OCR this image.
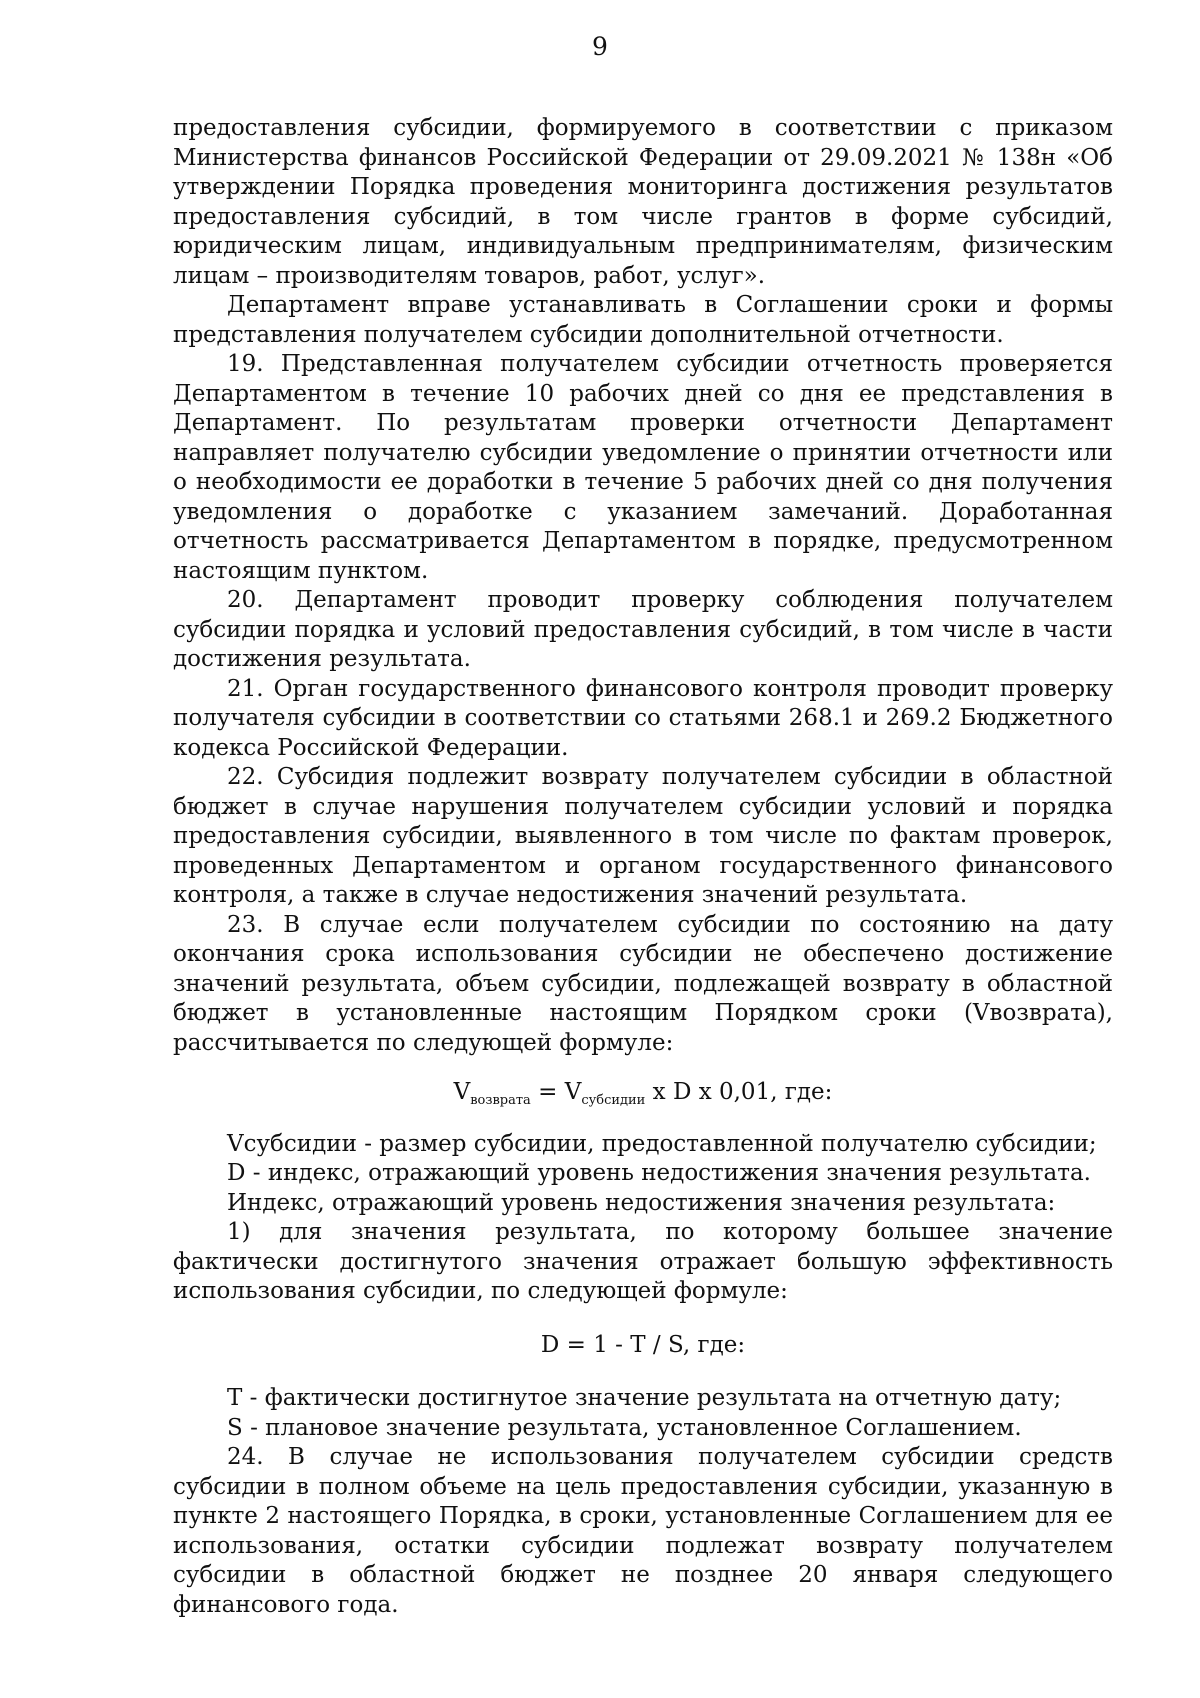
9

предоставления субсидии, формируемого в соответствии с приказом Министерства финансов Российской Федерации от 29.09.2021 № 138н «Об утверждении Порядка проведения мониторинга достижения результатов предоставления субсидий, в том числе грантов в форме субсидий, юридическим лицам, индивидуальным предпринимателям, физическим лицам – производителям товаров, работ, услуг».

Департамент вправе устанавливать в Соглашении сроки и формы представления получателем субсидии дополнительной отчетности.

19. Представленная получателем субсидии отчетность проверяется Департаментом в течение 10 рабочих дней со дня ее представления в Департамент. По результатам проверки отчетности Департамент направляет получателю субсидии уведомление о принятии отчетности или о необходимости ее доработки в течение 5 рабочих дней со дня получения уведомления о доработке с указанием замечаний. Доработанная отчетность рассматривается Департаментом в порядке, предусмотренном настоящим пунктом.

20. Департамент проводит проверку соблюдения получателем субсидии порядка и условий предоставления субсидий, в том числе в части достижения результата.

21. Орган государственного финансового контроля проводит проверку получателя субсидии в соответствии со статьями 268.1 и 269.2 Бюджетного кодекса Российской Федерации.

22. Субсидия подлежит возврату получателем субсидии в областной бюджет в случае нарушения получателем субсидии условий и порядка предоставления субсидии, выявленного в том числе по фактам проверок, проведенных Департаментом и органом государственного финансового контроля, а также в случае недостижения значений результата.

23. В случае если получателем субсидии по состоянию на дату окончания срока использования субсидии не обеспечено достижение значений результата, объем субсидии, подлежащей возврату в областной бюджет в установленные настоящим Порядком сроки (Vвозврата), рассчитывается по следующей формуле:

$V_{возврата} = V_{субсидии}$ x D x 0,01, где:

Vсубсидии - размер субсидии, предоставленной получателю субсидии;

D - индекс, отражающий уровень недостижения значения результата.

Индекс, отражающий уровень недостижения значения результата:

1) для значения результата, по которому большее значение фактически достигнутого значения отражает большую эффективность использования субсидии, по следующей формуле:

D = 1 - T / S, где:

T - фактически достигнутое значение результата на отчетную дату;

S - плановое значение результата, установленное Соглашением.

24. В случае не использования получателем субсидии средств субсидии в полном объеме на цель предоставления субсидии, указанную в пункте 2 настоящего Порядка, в сроки, установленные Соглашением для ее использования, остатки субсидии подлежат возврату получателем субсидии в областной бюджет не позднее 20 января следующего финансового года.
